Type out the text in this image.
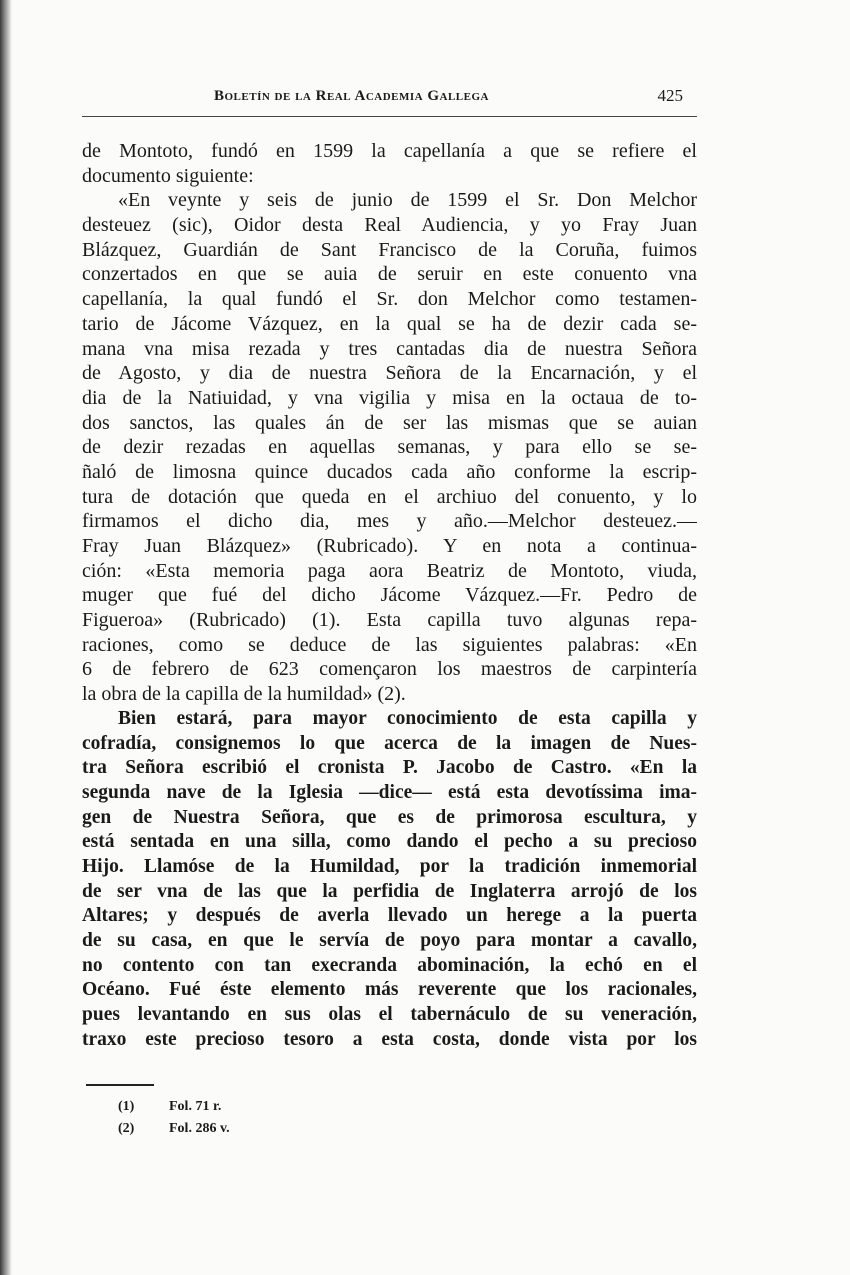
Boletín de la Real Academia Gallega	425
de Montoto, fundó en 1599 la capellanía a que se refiere el
documento siguiente:
«En veynte y seis de junio de 1599 el Sr. Don Melchor
desteuez (sic), Oidor desta Real Audiencia, y yo Fray Juan
Blázquez, Guardián de Sant Francisco de la Coruña, fuimos
conzertados en que se auia de seruir en este conuento vna
capellanía, la qual fundó el Sr. don Melchor como testamen-
tario de Jácome Vázquez, en la qual se ha de dezir cada se-
mana vna misa rezada y tres cantadas dia de nuestra Señora
de Agosto, y dia de nuestra Señora de la Encarnación, y el
dia de la Natiuidad, y vna vigilia y misa en la octaua de to-
dos sanctos, las quales án de ser las mismas que se auian
de dezir rezadas en aquellas semanas, y para ello se se-
ñaló de limosna quince ducados cada año conforme la escrip-
tura de dotación que queda en el archiuo del conuento, y lo
firmamos el dicho dia, mes y año.—Melchor desteuez.—
Fray Juan Blázquez» (Rubricado). Y en nota a continua-
ción: «Esta memoria paga aora Beatriz de Montoto, viuda,
muger que fué del dicho Jácome Vázquez.—Fr. Pedro de
Figueroa» (Rubricado) (1). Esta capilla tuvo algunas repa-
raciones, como se deduce de las siguientes palabras: «En
6 de febrero de 623 començaron los maestros de carpintería
la obra de la capilla de la humildad» (2).
Bien estará, para mayor conocimiento de esta capilla y
cofradía, consignemos lo que acerca de la imagen de Nues-
tra Señora escribió el cronista P. Jacobo de Castro. «En la
segunda nave de la Iglesia —dice— está esta devotíssima ima-
gen de Nuestra Señora, que es de primorosa escultura, y
está sentada en una silla, como dando el pecho a su precioso
Hijo. Llamóse de la Humildad, por la tradición inmemorial
de ser vna de las que la perfidia de Inglaterra arrojó de los
Altares; y después de averla llevado un herege a la puerta
de su casa, en que le servía de poyo para montar a cavallo,
no contento con tan execranda abominación, la echó en el
Océano. Fué éste elemento más reverente que los racionales,
pues levantando en sus olas el tabernáculo de su veneración,
traxo este precioso tesoro a esta costa, donde vista por los
(1) Fol. 71 r.
(2) Fol. 286 v.
